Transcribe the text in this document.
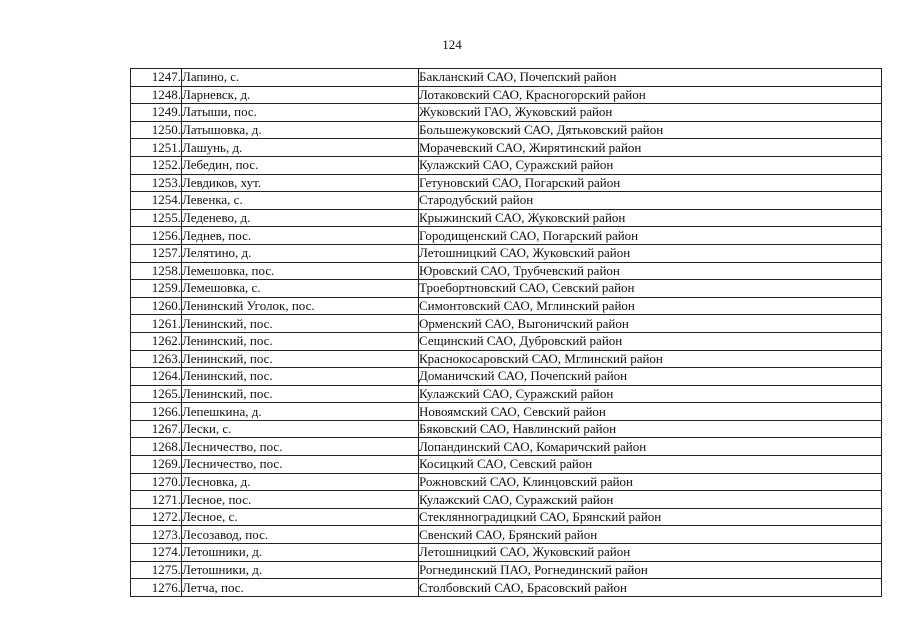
124
1247.	Лапино, с.	Бакланский САО, Почепский район
1248.	Ларневск, д.	Лотаковский САО, Красногорский район
1249.	Латыши, пос.	Жуковский ГАО, Жуковский район
1250.	Латышовка, д.	Большежуковский САО, Дятьковский район
1251.	Лашунь, д.	Морачевский САО, Жирятинский район
1252.	Лебедин, пос.	Кулажский САО, Суражский район
1253.	Левдиков, хут.	Гетуновский САО, Погарский район
1254.	Левенка, с.	Стародубский район
1255.	Леденево, д.	Крыжинский САО, Жуковский район
1256.	Леднев, пос.	Городищенский САО, Погарский район
1257.	Лелятино, д.	Летошницкий САО, Жуковский район
1258.	Лемешовка, пос.	Юровский САО, Трубчевский район
1259.	Лемешовка, с.	Троебортновский САО, Севский район
1260.	Ленинский Уголок, пос.	Симонтовский САО, Мглинский район
1261.	Ленинский, пос.	Орменский САО, Выгоничский район
1262.	Ленинский, пос.	Сещинский САО, Дубровский район
1263.	Ленинский, пос.	Краснокосаровский САО, Мглинский район
1264.	Ленинский, пос.	Доманичский САО, Почепский район
1265.	Ленинский, пос.	Кулажский САО, Суражский район
1266.	Лепешкина, д.	Новоямский САО, Севский район
1267.	Лески, с.	Бяковский САО, Навлинский район
1268.	Лесничество, пос.	Лопандинский САО, Комаричский район
1269.	Лесничество, пос.	Косицкий САО, Севский район
1270.	Лесновка, д.	Рожновский САО, Клинцовский район
1271.	Лесное, пос.	Кулажский САО, Суражский район
1272.	Лесное, с.	Стеклянноградицкий САО, Брянский район
1273.	Лесозавод, пос.	Свенский САО, Брянский район
1274.	Летошники, д.	Летошницкий САО, Жуковский район
1275.	Летошники, д.	Рогнединский ПАО, Рогнединский район
1276.	Летча, пос.	Столбовский САО, Брасовский район
